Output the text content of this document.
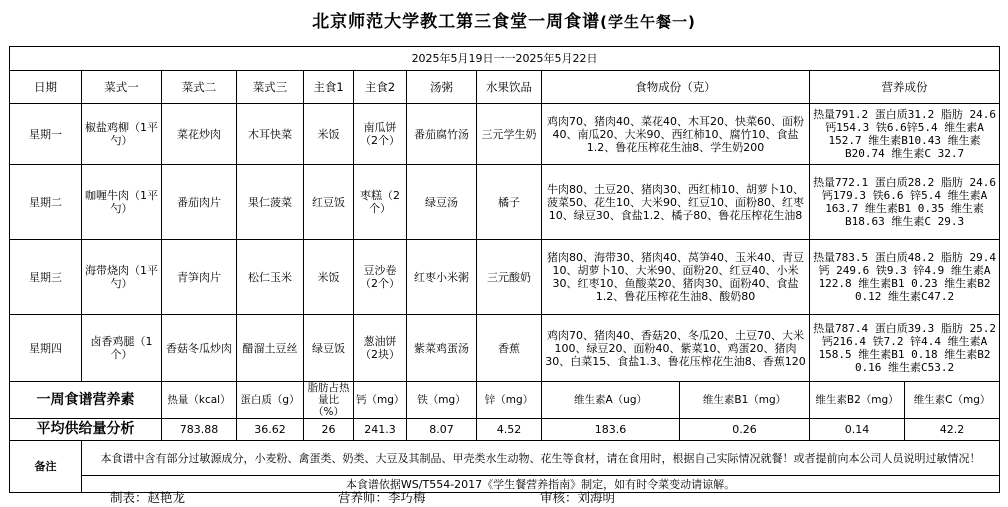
北京师范大学教工第三食堂一周食谱(学生午餐一)
2025年5月19日一一2025年5月22日											
日期	菜式一	菜式二	菜式三	主食1	主食2	汤粥	水果饮品	食物成份（克）		营养成份	
星期一	椒盐鸡柳（1平勺）	菜花炒肉	木耳快菜	米饭	南瓜饼（2个）	番茄腐竹汤	三元学生奶	鸡肉70、猪肉40、菜花40、木耳20、快菜60、面粉40、南瓜20、大米90、西红柿10、腐竹10、食盐1.2、鲁花压榨花生油8、学生奶200		热量791.2 蛋白质31.2 脂肪 24.6钙154.3 铁6.6锌5.4 维生素A 152.7 维生素B10.43 维生素B20.74 维生素C 32.7	
星期二	咖喱牛肉（1平勺）	番茄肉片	果仁菠菜	红豆饭	枣糕（2个）	绿豆汤	橘子	牛肉80、土豆20、猪肉30、西红柿10、胡萝卜10、菠菜50、花生10、大米90、红豆10、面粉80、红枣10、绿豆30、食盐1.2、橘子80、鲁花压榨花生油8		热量772.1 蛋白质28.2 脂肪 24.6钙179.3 铁6.6 锌5.4 维生素A 163.7 维生素B1 0.35 维生素B18.63 维生素C 29.3	
星期三	海带烧肉（1平勺）	青笋肉片	松仁玉米	米饭	豆沙卷（2个）	红枣小米粥	三元酸奶	猪肉80、海带30、猪肉40、莴笋40、玉米40、青豆10、胡萝卜10、大米90、面粉20、红豆40、小米30、红枣10、鱼酸菜20、猪肉30、面粉40、食盐1.2、鲁花压榨花生油8、酸奶80		热量783.5 蛋白质48.2 脂肪 29.4钙 249.6 铁9.3 锌4.9 维生素A 122.8 维生素B1 0.23 维生素B2 0.12 维生素C47.2	
星期四	卤香鸡腿（1个）	香菇冬瓜炒肉	醋溜土豆丝	绿豆饭	葱油饼（2块）	紫菜鸡蛋汤	香蕉	鸡肉70、猪肉40、香菇20、冬瓜20、土豆70、大米100、绿豆20、面粉40、紫菜10、鸡蛋20、猪肉30、白菜15、食盐1.3、鲁花压榨花生油8、香蕉120		热量787.4 蛋白质39.3 脂肪 25.2 钙216.4 铁7.2 锌4.4 维生素A 158.5 维生素B1 0.18 维生素B2 0.16 维生素C53.2	
一周食谱营养素		热量（kcal）	蛋白质（g）	脂肪占热量比（%）	钙（mg）	铁（mg）	锌（mg）	维生素A（ug）	维生素B1（mg）	维生素B2（mg）	维生素C（mg）
平均供给量分析		783.88	36.62	26	241.3	8.07	4.52	183.6	0.26	0.14	42.2
备注	本食谱中含有部分过敏源成分，小麦粉、禽蛋类、奶类、大豆及其制品、甲壳类水生动物、花生等食材，请在食用时，根据自己实际情况就餐！或者提前向本公司人员说明过敏情况！										
	本食谱依据WS/T554-2017《学生餐营养指南》制定，如有时令菜变动请谅解。										
制表：赵艳龙	营养师：李巧梅	审核：刘海明
